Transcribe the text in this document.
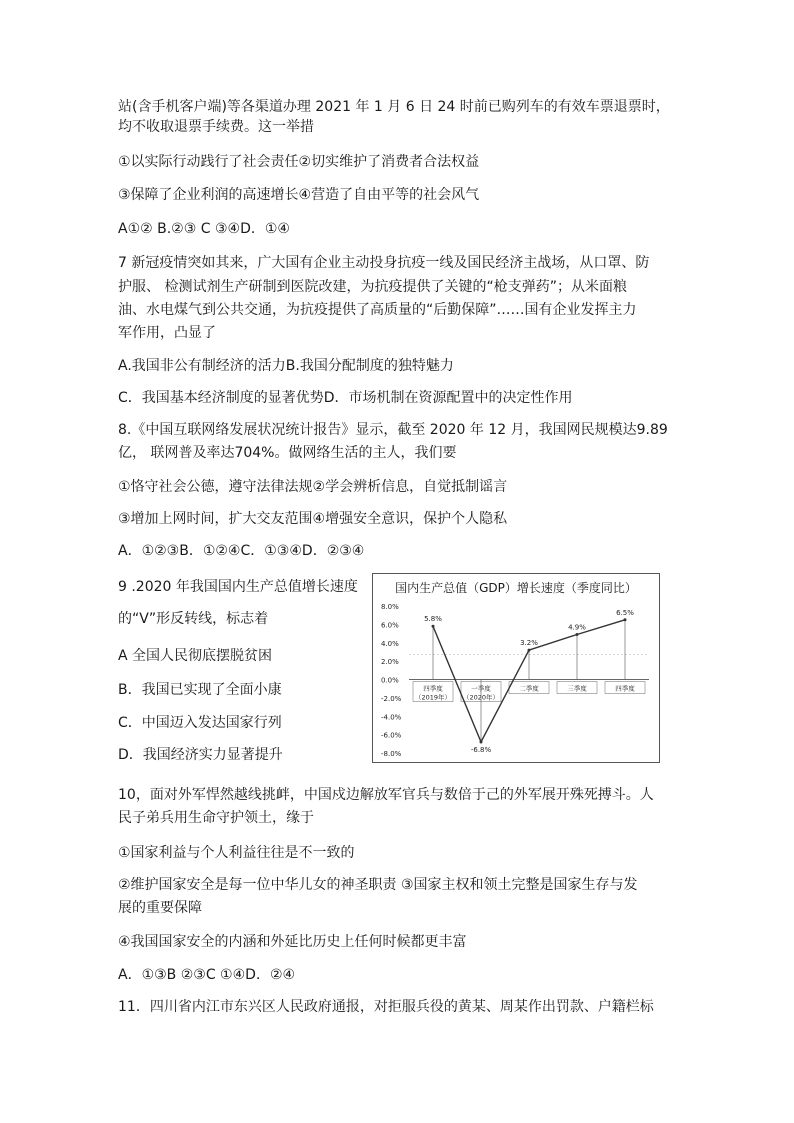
站(含手机客户端)等各渠道办理 2021 年 1 月 6 日 24 时前已购列车的有效车票退票时，
均不收取退票手续费。这一举措
①以实际行动践行了社会责任②切实维护了消费者合法权益
③保障了企业利润的高速增长④营造了自由平等的社会风气
A①② B.②③ C ③④D．①④
7 新冠疫情突如其来，广大国有企业主动投身抗疫一线及国民经济主战场，从口罩、防
护服、 检测试剂生产研制到医院改建，为抗疫提供了关键的“枪支弹药”；从米面粮
油、水电煤气到公共交通，为抗疫提供了高质量的“后勤保障”……国有企业发挥主力
军作用，凸显了
A.我国非公有制经济的活力B.我国分配制度的独特魅力
C．我国基本经济制度的显著优势D．市场机制在资源配置中的决定性作用
8.《中国互联网络发展状况统计报告》显示，截至 2020 年 12 月，我国网民规模达9.89
亿， 联网普及率达704%。做网络生活的主人，我们要
①恪守社会公德，遵守法律法规②学会辨析信息，自觉抵制谣言
③增加上网时间，扩大交友范围④增强安全意识，保护个人隐私
A．①②③B．①②④C．①③④D．②③④
9 .2020 年我国国内生产总值增长速度
的“V”形反转线，标志着
A 全国人民彻底摆脱贫困
B．我国已实现了全面小康
C．中国迈入发达国家行列
D．我国经济实力显著提升
10，面对外军悍然越线挑衅，中国戍边解放军官兵与数倍于己的外军展开殊死搏斗。人
民子弟兵用生命守护领土，缘于
①国家利益与个人利益往往是不一致的
②维护国家安全是每一位中华儿女的神圣职责 ③国家主权和领土完整是国家生存与发
展的重要保障
④我国国家安全的内涵和外延比历史上任何时候都更丰富
A．①③B ②③C ①④D．②④
11．四川省内江市东兴区人民政府通报，对拒服兵役的黄某、周某作出罚款、户籍栏标
国内生产总值（GDP）增长速度（季度同比）
8.0%
6.0%
4.0%
2.0%
0.0%
-2.0%
-4.0%
-6.0%
-8.0%
四季度
（2019年）
一季度
（2020年）
二季度	三季度	四季度
5.8%
-6.8%
3.2%
4.9%
6.5%
